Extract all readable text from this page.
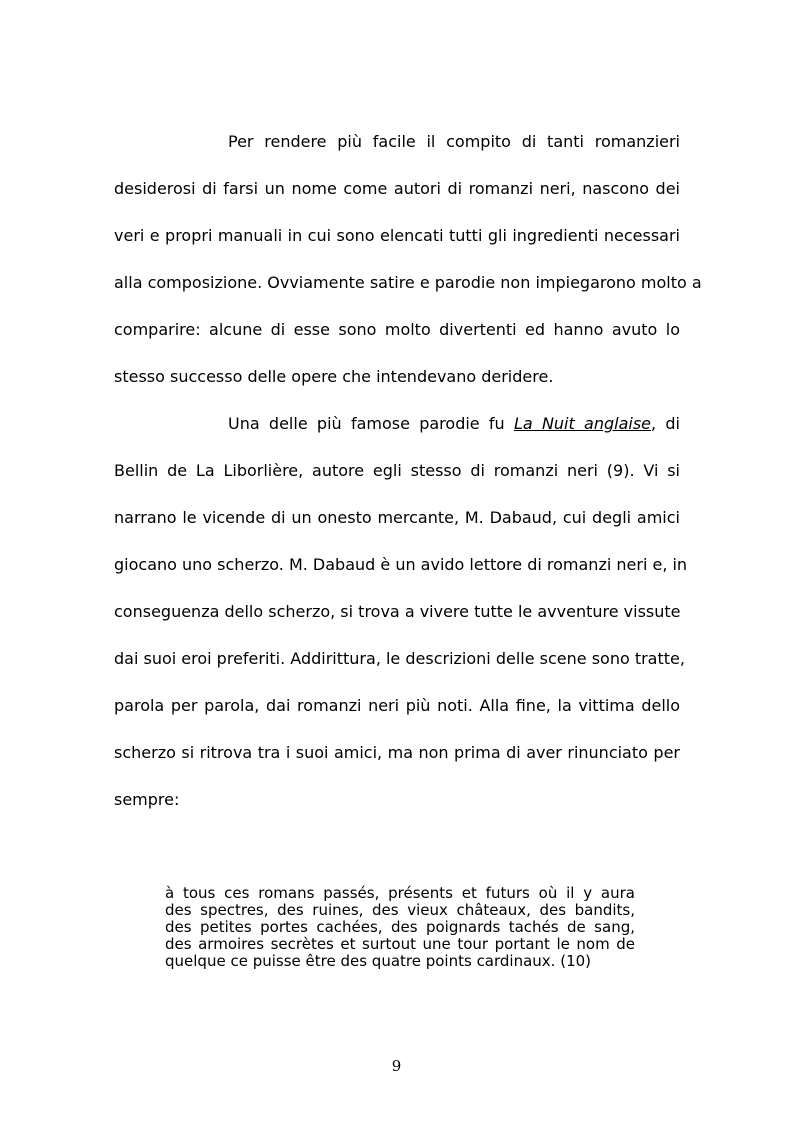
Per rendere più facile il compito di tanti romanzieri
desiderosi di farsi un nome come autori di romanzi neri, nascono dei
veri e propri manuali in cui sono elencati tutti gli ingredienti necessari
alla composizione. Ovviamente satire e parodie non impiegarono molto a
comparire: alcune di esse sono molto divertenti ed hanno avuto lo
stesso successo delle opere che intendevano deridere.
Una delle più famose parodie fu La Nuit anglaise, di
Bellin de La Liborlière, autore egli stesso di romanzi neri (9). Vi si
narrano le vicende di un onesto mercante, M. Dabaud, cui degli amici
giocano uno scherzo. M. Dabaud è un avido lettore di romanzi neri e, in
conseguenza dello scherzo, si trova a vivere tutte le avventure vissute
dai suoi eroi preferiti. Addirittura, le descrizioni delle scene sono tratte,
parola per parola, dai romanzi neri più noti. Alla fine, la vittima dello
scherzo si ritrova tra i suoi amici, ma non prima di aver rinunciato per
sempre:
à tous ces romans passés, présents et futurs où il y aura
des spectres, des ruines, des vieux châteaux, des bandits,
des petites portes cachées, des poignards tachés de sang,
des armoires secrètes et surtout une tour portant le nom de
quelque ce puisse être des quatre points cardinaux. (10)
9
